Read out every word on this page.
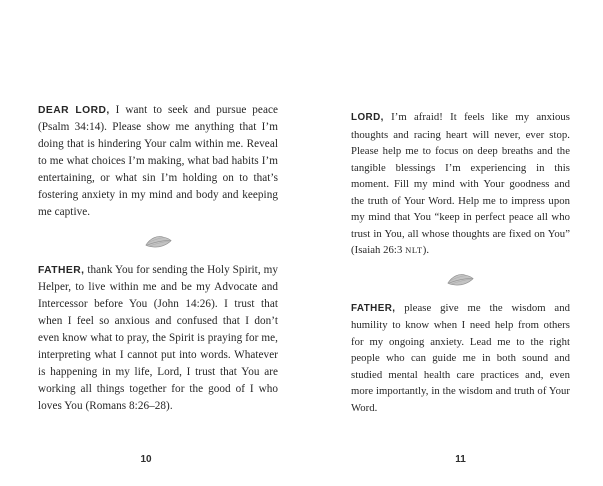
DEAR LORD, I want to seek and pursue peace (Psalm 34:14). Please show me anything that I’m doing that is hindering Your calm within me. Reveal to me what choices I’m making, what bad habits I’m entertaining, or what sin I’m holding on to that’s fostering anxiety in my mind and body and keeping me captive.

FATHER, thank You for sending the Holy Spirit, my Helper, to live within me and be my Advocate and Intercessor before You (John 14:26). I trust that when I feel so anxious and confused that I don’t even know what to pray, the Spirit is praying for me, interpreting what I cannot put into words. Whatever is happening in my life, Lord, I trust that You are working all things together for the good of I who loves You (Romans 8:26–28).

LORD, I’m afraid! It feels like my anxious thoughts and racing heart will never, ever stop. Please help me to focus on deep breaths and the tangible blessings I’m experiencing in this moment. Fill my mind with Your goodness and the truth of Your Word. Help me to impress upon my mind that You “keep in perfect peace all who trust in You, all whose thoughts are fixed on You” (Isaiah 26:3 NLT).

FATHER, please give me the wisdom and humility to know when I need help from others for my ongoing anxiety. Lead me to the right people who can guide me in both sound and studied mental health care practices and, even more importantly, in the wisdom and truth of Your Word.

10	11
